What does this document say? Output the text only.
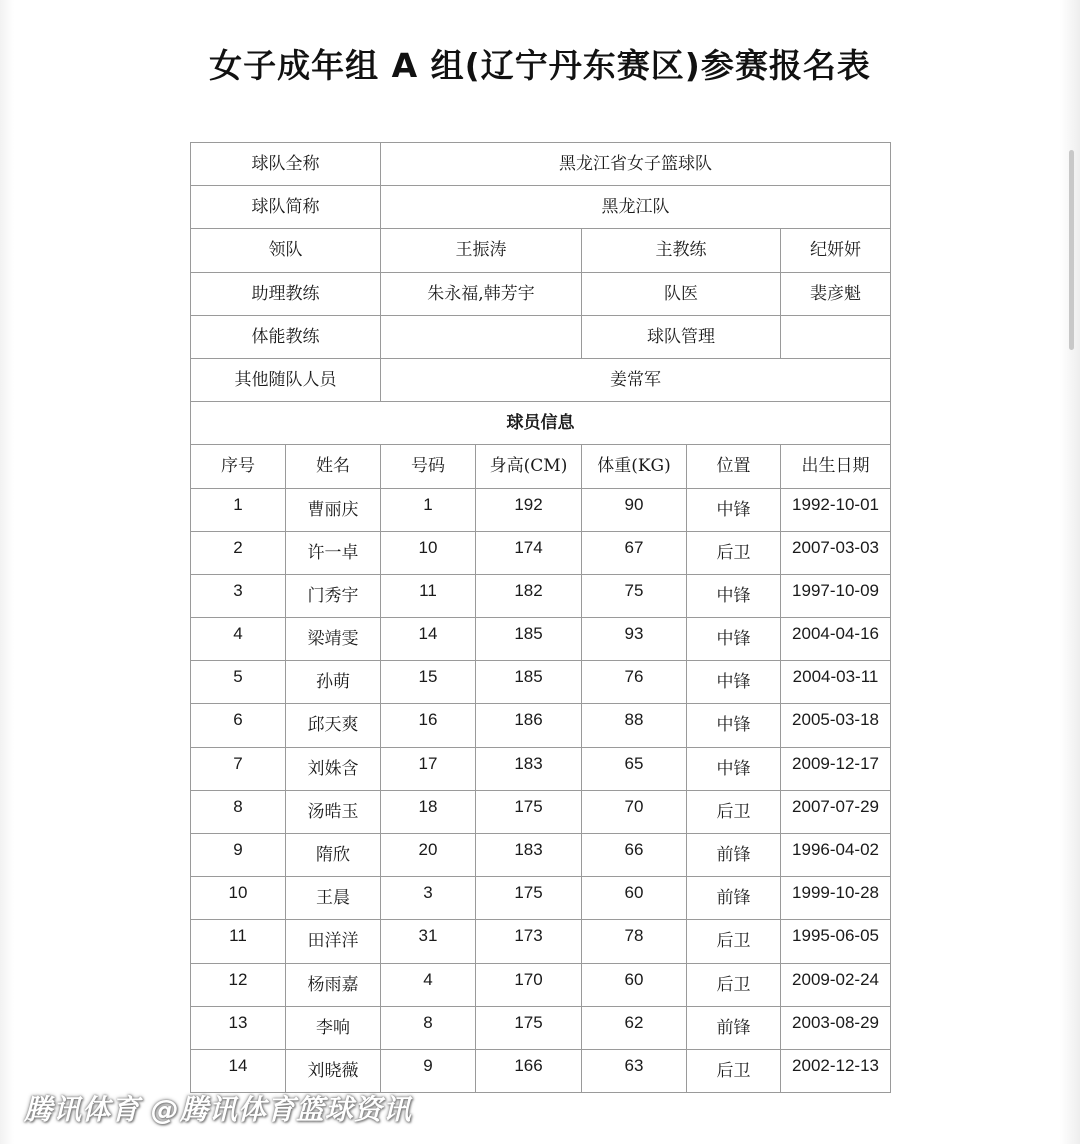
女子成年组 A 组(辽宁丹东赛区)参赛报名表
球队全称		黑龙江省女子篮球队				
球队简称		黑龙江队				
领队		王振涛		主教练		纪妍妍
助理教练		朱永福,韩芳宇		队医		裴彦魁
体能教练				球队管理		
其他随队人员		姜常军				
球员信息						
序号	姓名	号码	身高(CM)	体重(KG)	位置	出生日期
1	曹丽庆	1	192	90	中锋	1992-10-01
2	许一卓	10	174	67	后卫	2007-03-03
3	门秀宇	11	182	75	中锋	1997-10-09
4	梁靖雯	14	185	93	中锋	2004-04-16
5	孙萌	15	185	76	中锋	2004-03-11
6	邱天爽	16	186	88	中锋	2005-03-18
7	刘姝含	17	183	65	中锋	2009-12-17
8	汤晧玉	18	175	70	后卫	2007-07-29
9	隋欣	20	183	66	前锋	1996-04-02
10	王晨	3	175	60	前锋	1999-10-28
11	田洋洋	31	173	78	后卫	1995-06-05
12	杨雨嘉	4	170	60	后卫	2009-02-24
13	李响	8	175	62	前锋	2003-08-29
14	刘晓薇	9	166	63	后卫	2002-12-13
腾讯体育 @腾讯体育篮球资讯
